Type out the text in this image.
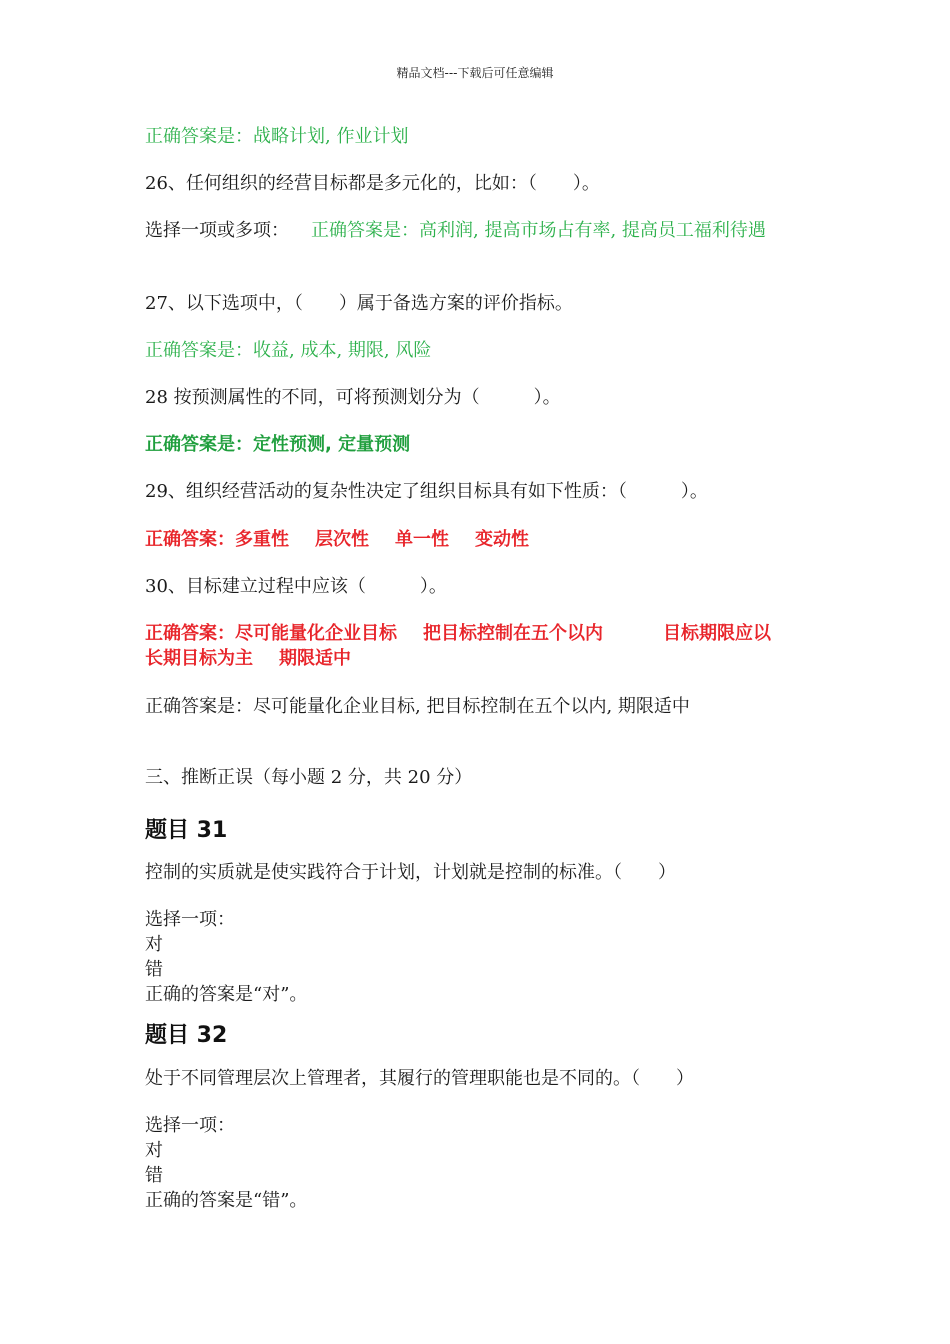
精品文档---下载后可任意编辑
正确答案是：战略计划, 作业计划
26、任何组织的经营目标都是多元化的，比如：（　　）。
选择一项或多项： 正确答案是：高利润, 提高市场占有率, 提高员工福利待遇
27、以下选项中，（　　）属于备选方案的评价指标。
正确答案是：收益, 成本, 期限, 风险
28 按预测属性的不同，可将预测划分为（　　　）。
正确答案是：定性预测, 定量预测
29、组织经营活动的复杂性决定了组织目标具有如下性质：（　　　）。
正确答案：多重性 层次性 单一性 变动性
30、目标建立过程中应该（　　　）。
正确答案：尽可能量化企业目标 把目标控制在五个以内	目标期限应以
长期目标为主 期限适中
正确答案是：尽可能量化企业目标, 把目标控制在五个以内, 期限适中
三、推断正误（每小题 2 分，共 20 分）
题目 31
控制的实质就是使实践符合于计划，计划就是控制的标准。（　　）
选择一项：
对
错
正确的答案是“对”。
题目 32
处于不同管理层次上管理者，其履行的管理职能也是不同的。（　　）
选择一项：
对
错
正确的答案是“错”。
